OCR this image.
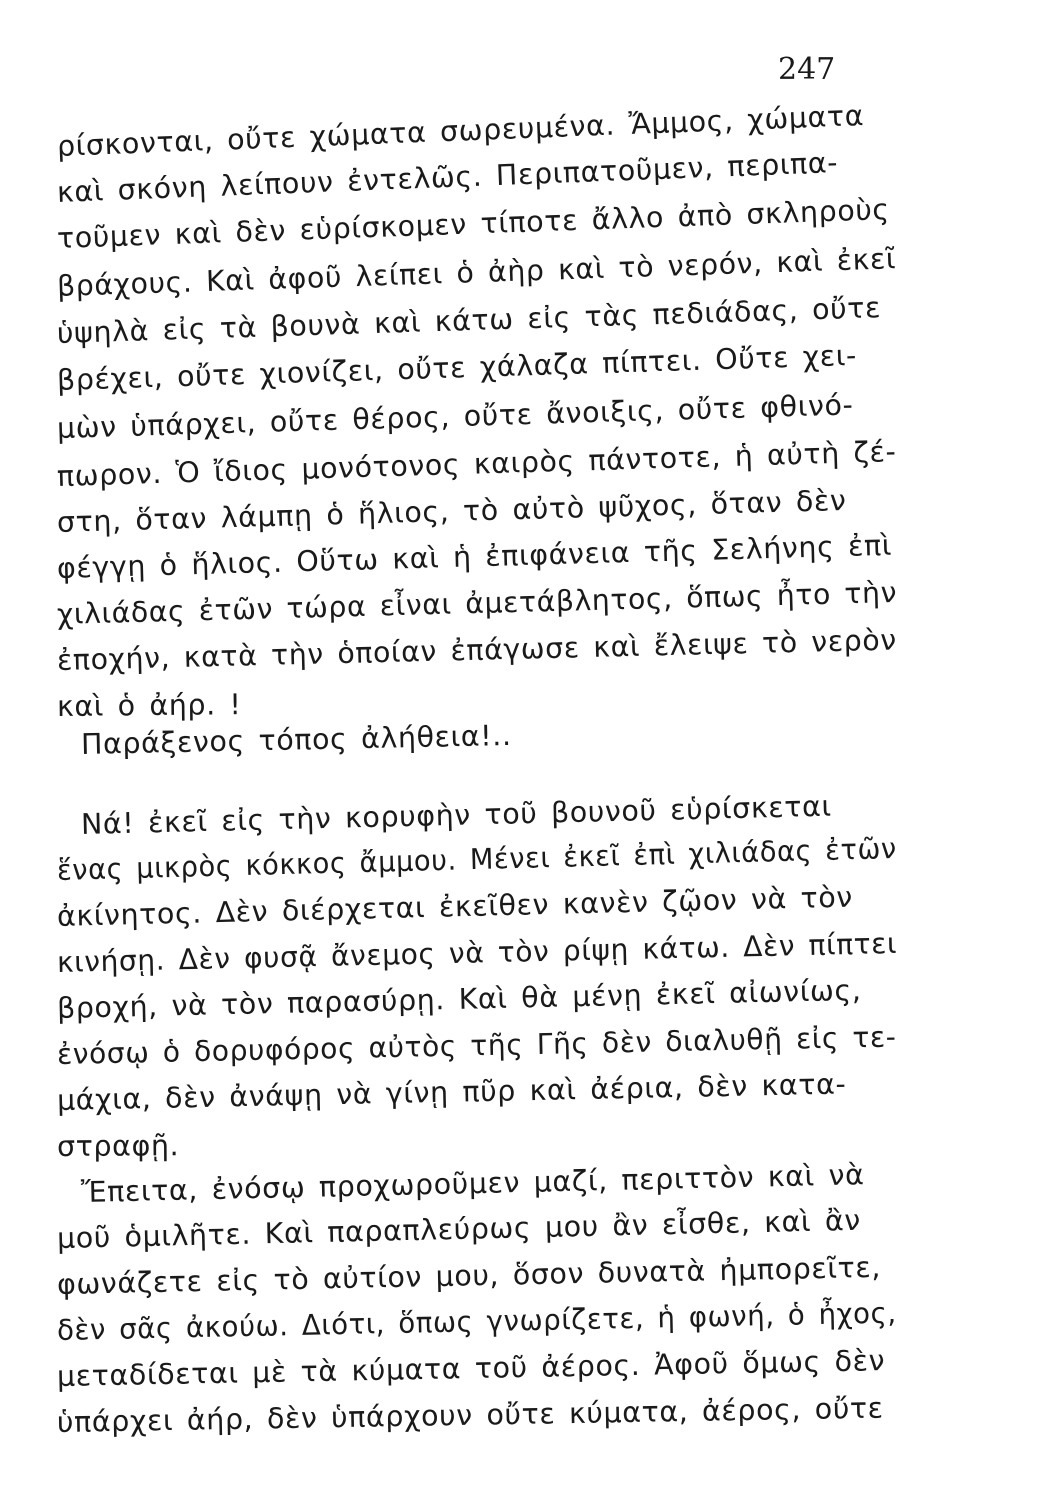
247
ρίσκονται, οὔτε χώματα σωρευμένα. Ἄμμος, χώματα
καὶ σκόνη λείπουν ἐντελῶς. Περιπατοῦμεν, περιπα-
τοῦμεν καὶ δὲν εὑρίσκομεν τίποτε ἄλλο ἀπὸ σκληροὺς
βράχους. Καὶ ἀφοῦ λείπει ὁ ἀὴρ καὶ τὸ νερόν, καὶ ἐκεῖ
ὑψηλὰ εἰς τὰ βουνὰ καὶ κάτω εἰς τὰς πεδιάδας, οὔτε
βρέχει, οὔτε χιονίζει, οὔτε χάλαζα πίπτει. Οὔτε χει-
μὼν ὑπάρχει, οὔτε θέρος, οὔτε ἄνοιξις, οὔτε φθινό-
πωρον. Ὁ ἴδιος μονότονος καιρὸς πάντοτε, ἡ αὐτὴ ζέ-
στη, ὅταν λάμπῃ ὁ ἥλιος, τὸ αὐτὸ ψῦχος, ὅταν δὲν
φέγγῃ ὁ ἥλιος. Οὕτω καὶ ἡ ἐπιφάνεια τῆς Σελήνης ἐπὶ
χιλιάδας ἐτῶν τώρα εἶναι ἀμετάβλητος, ὅπως ἦτο τὴν
ἐποχήν, κατὰ τὴν ὁποίαν ἐπάγωσε καὶ ἔλειψε τὸ νερὸν
καὶ ὁ ἀήρ. !
Παράξενος τόπος ἀλήθεια!..
Νά! ἐκεῖ εἰς τὴν κορυφὴν τοῦ βουνοῦ εὑρίσκεται
ἕνας μικρὸς κόκκος ἄμμου. Μένει ἐκεῖ ἐπὶ χιλιάδας ἐτῶν
ἀκίνητος. Δὲν διέρχεται ἐκεῖθεν κανὲν ζῷον νὰ τὸν
κινήσῃ. Δὲν φυσᾷ ἄνεμος νὰ τὸν ρίψῃ κάτω. Δὲν πίπτει
βροχή, νὰ τὸν παρασύρῃ. Καὶ θὰ μένῃ ἐκεῖ αἰωνίως,
ἐνόσῳ ὁ δορυφόρος αὐτὸς τῆς Γῆς δὲν διαλυθῇ εἰς τε-
μάχια, δὲν ἀνάψῃ νὰ γίνῃ πῦρ καὶ ἀέρια, δὲν κατα-
στραφῇ.
Ἔπειτα, ἐνόσῳ προχωροῦμεν μαζί, περιττὸν καὶ νὰ
μοῦ ὁμιλῆτε. Καὶ παραπλεύρως μου ἂν εἶσθε, καὶ ἂν
φωνάζετε εἰς τὸ αὐτίον μου, ὅσον δυνατὰ ἠμπορεῖτε,
δὲν σᾶς ἀκούω. Διότι, ὅπως γνωρίζετε, ἡ φωνή, ὁ ἦχος,
μεταδίδεται μὲ τὰ κύματα τοῦ ἀέρος. Ἀφοῦ ὅμως δὲν
ὑπάρχει ἀήρ, δὲν ὑπάρχουν οὔτε κύματα, ἀέρος, οὔτε
